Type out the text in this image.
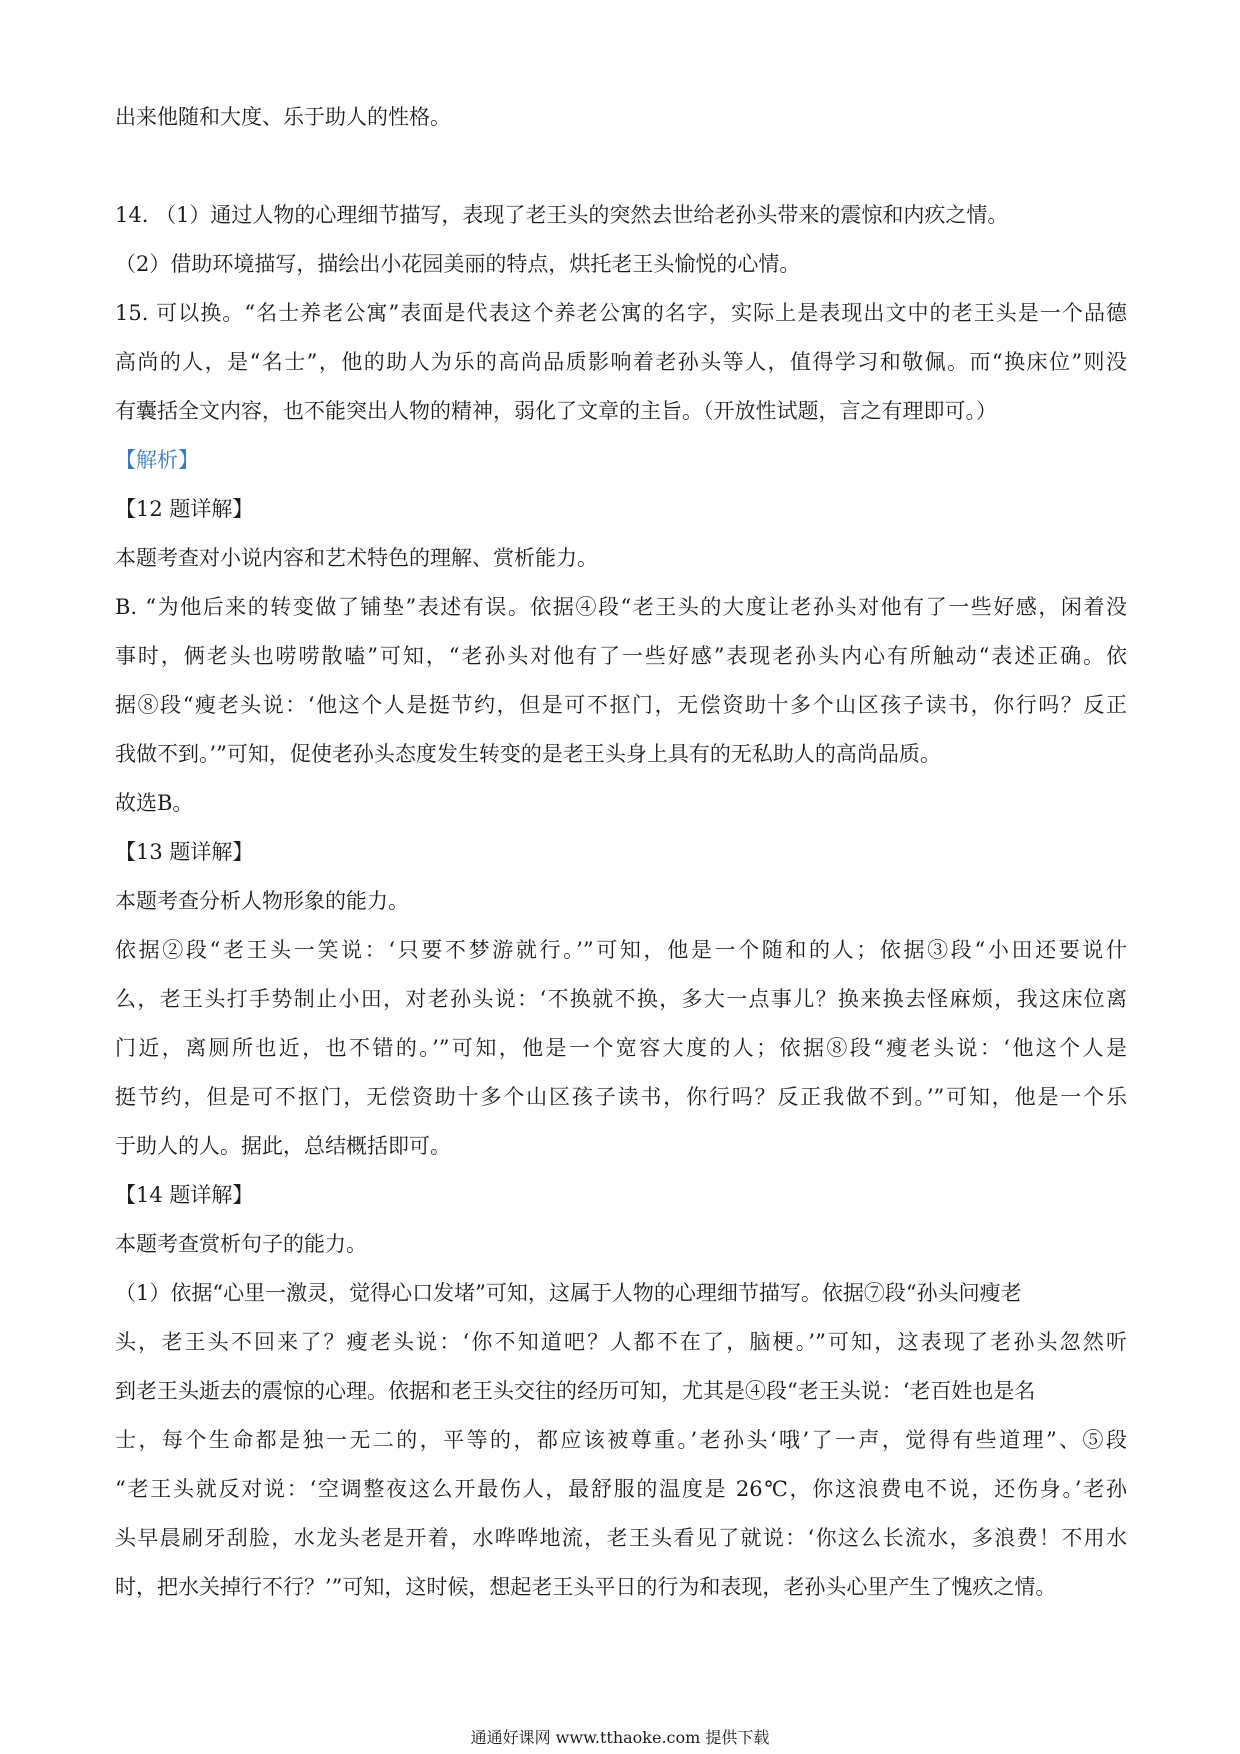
出来他随和大度、乐于助人的性格。
14. （1）通过人物的心理细节描写，表现了老王头的突然去世给老孙头带来的震惊和内疚之情。
（2）借助环境描写，描绘出小花园美丽的特点，烘托老王头愉悦的心情。
15. 可以换。“名士养老公寓”表面是代表这个养老公寓的名字，实际上是表现出文中的老王头是一个品德
高尚的人，是“名士”，他的助人为乐的高尚品质影响着老孙头等人，值得学习和敬佩。而“换床位”则没
有囊括全文内容，也不能突出人物的精神，弱化了文章的主旨。（开放性试题，言之有理即可。）
【解析】
【12 题详解】
本题考查对小说内容和艺术特色的理解、赏析能力。
B. “为他后来的转变做了铺垫”表述有误。依据④段“老王头的大度让老孙头对他有了一些好感，闲着没
事时，俩老头也唠唠散嗑”可知，“老孙头对他有了一些好感”表现老孙头内心有所触动“表述正确。依
据⑧段“瘦老头说：‘他这个人是挺节约，但是可不抠门，无偿资助十多个山区孩子读书，你行吗？反正
我做不到。’”可知，促使老孙头态度发生转变的是老王头身上具有的无私助人的高尚品质。
故选B。
【13 题详解】
本题考查分析人物形象的能力。
依据②段“老王头一笑说：‘只要不梦游就行。’”可知，他是一个随和的人；依据③段“小田还要说什
么，老王头打手势制止小田，对老孙头说：‘不换就不换，多大一点事儿？换来换去怪麻烦，我这床位离
门近，离厕所也近，也不错的。’”可知，他是一个宽容大度的人；依据⑧段“瘦老头说：‘他这个人是
挺节约，但是可不抠门，无偿资助十多个山区孩子读书，你行吗？反正我做不到。’”可知，他是一个乐
于助人的人。据此，总结概括即可。
【14 题详解】
本题考查赏析句子的能力。
（1）依据“心里一激灵，觉得心口发堵”可知，这属于人物的心理细节描写。依据⑦段“孙头问瘦老
头，老王头不回来了？瘦老头说：‘你不知道吧？人都不在了，脑梗。’”可知，这表现了老孙头忽然听
到老王头逝去的震惊的心理。依据和老王头交往的经历可知，尤其是④段“老王头说：‘老百姓也是名
士，每个生命都是独一无二的，平等的，都应该被尊重。’老孙头‘哦’了一声，觉得有些道理”、⑤段
“老王头就反对说：‘空调整夜这么开最伤人，最舒服的温度是 26℃，你这浪费电不说，还伤身。’老孙
头早晨刷牙刮脸，水龙头老是开着，水哗哗地流，老王头看见了就说：‘你这么长流水，多浪费！不用水
时，把水关掉行不行？’”可知，这时候，想起老王头平日的行为和表现，老孙头心里产生了愧疚之情。
通通好课网 www.tthaoke.com 提供下载
